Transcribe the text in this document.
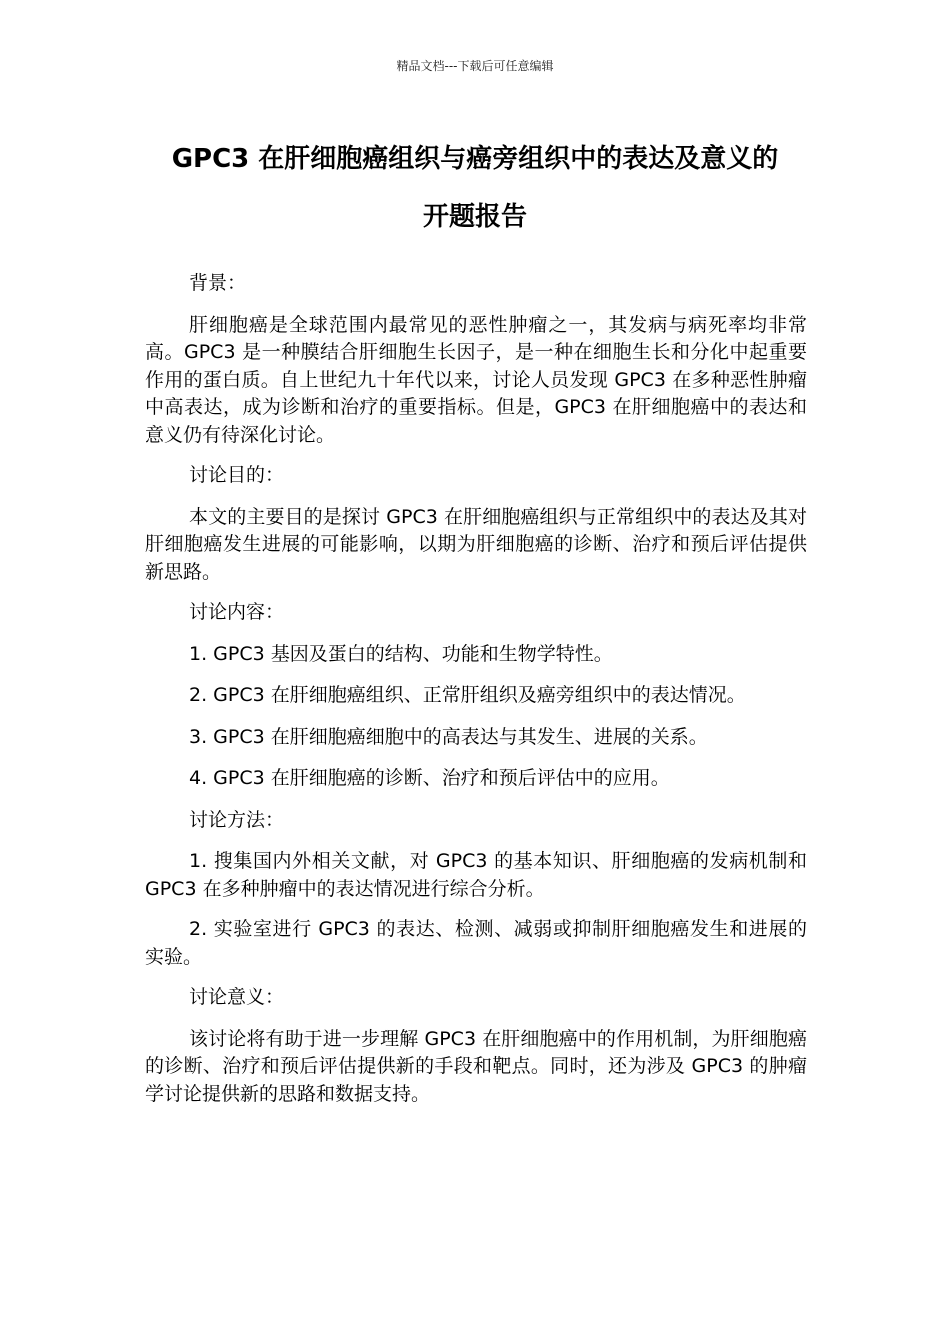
精品文档---下载后可任意编辑
GPC3 在肝细胞癌组织与癌旁组织中的表达及意义的
开题报告

背景：

肝细胞癌是全球范围内最常见的恶性肿瘤之一，其发病与病死率均非常高。GPC3 是一种膜结合肝细胞生长因子，是一种在细胞生长和分化中起重要作用的蛋白质。自上世纪九十年代以来，讨论人员发现 GPC3 在多种恶性肿瘤中高表达，成为诊断和治疗的重要指标。但是，GPC3 在肝细胞癌中的表达和意义仍有待深化讨论。

讨论目的：

本文的主要目的是探讨 GPC3 在肝细胞癌组织与正常组织中的表达及其对肝细胞癌发生进展的可能影响，以期为肝细胞癌的诊断、治疗和预后评估提供新思路。

讨论内容：

1. GPC3 基因及蛋白的结构、功能和生物学特性。

2. GPC3 在肝细胞癌组织、正常肝组织及癌旁组织中的表达情况。

3. GPC3 在肝细胞癌细胞中的高表达与其发生、进展的关系。

4. GPC3 在肝细胞癌的诊断、治疗和预后评估中的应用。

讨论方法：

1. 搜集国内外相关文献，对 GPC3 的基本知识、肝细胞癌的发病机制和 GPC3 在多种肿瘤中的表达情况进行综合分析。

2. 实验室进行 GPC3 的表达、检测、减弱或抑制肝细胞癌发生和进展的实验。

讨论意义：

该讨论将有助于进一步理解 GPC3 在肝细胞癌中的作用机制，为肝细胞癌的诊断、治疗和预后评估提供新的手段和靶点。同时，还为涉及 GPC3 的肿瘤学讨论提供新的思路和数据支持。
